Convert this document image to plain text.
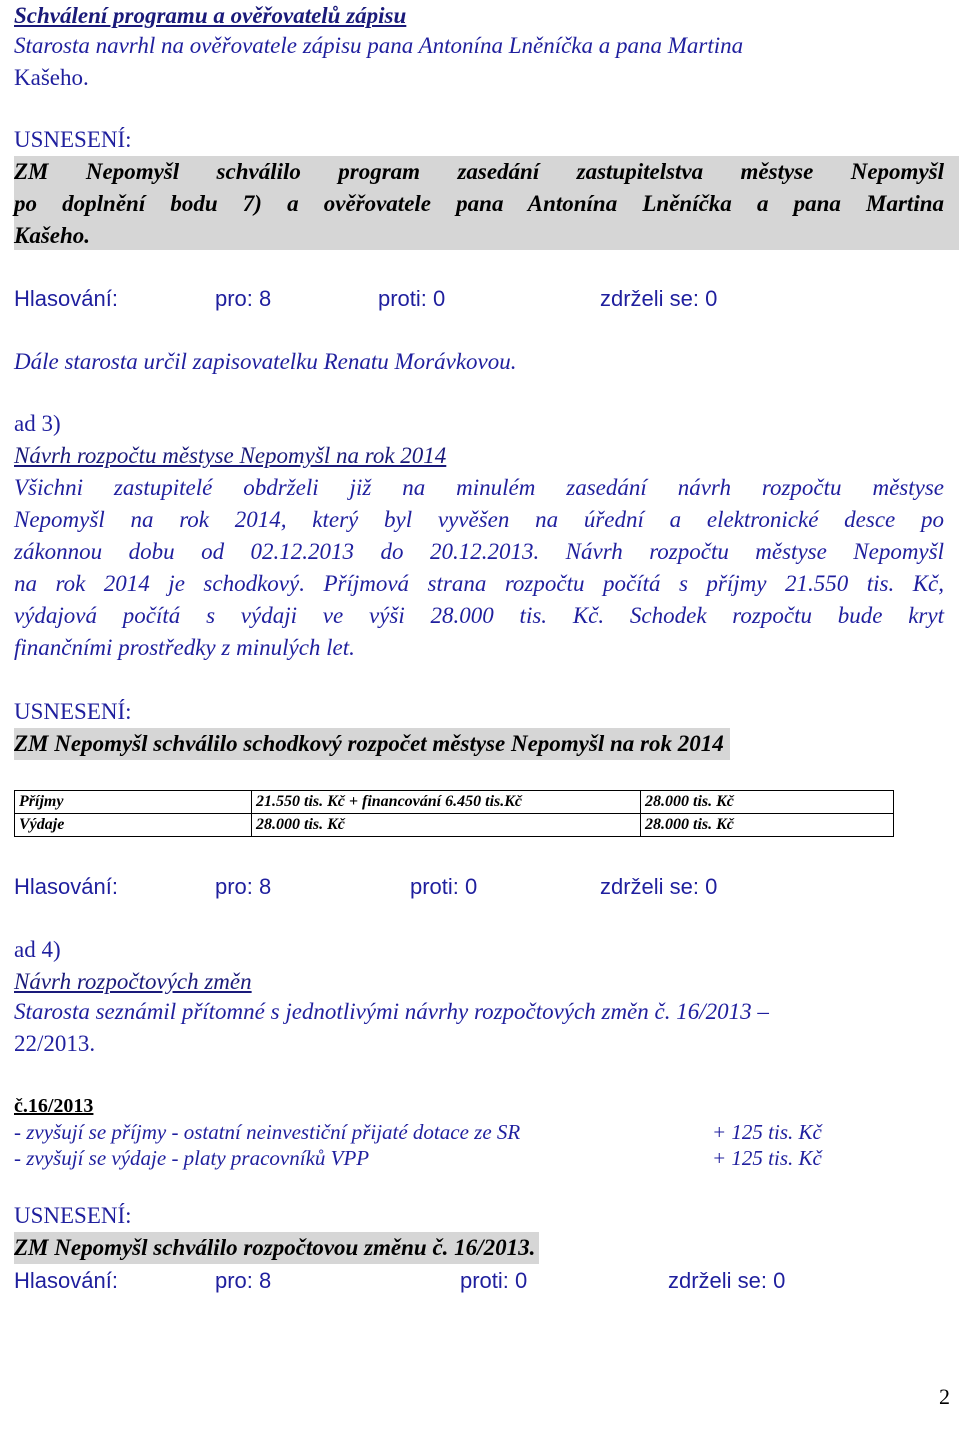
Schválení programu a ověřovatelů zápisu

Starosta navrhl na ověřovatele zápisu pana Antonína Lněníčka a pana Martina

Kašeho.

USNESENÍ:

ZM Nepomyšl schválilo program zasedání zastupitelstva městyse Nepomyšl
po doplnění bodu 7) a ověřovatele pana Antonína Lněníčka a pana Martina
Kašeho.
Hlasování:	pro: 8	proti: 0	zdrželi se: 0

Dále starosta určil zapisovatelku Renatu Morávkovou.

ad 3)

Návrh rozpočtu městyse Nepomyšl na rok 2014

Všichni zastupitelé obdrželi již na minulém zasedání návrh rozpočtu městyse
Nepomyšl na rok 2014, který byl vyvěšen na úřední a elektronické desce po
zákonnou dobu od 02.12.2013 do 20.12.2013. Návrh rozpočtu městyse Nepomyšl
na rok 2014 je schodkový. Příjmová strana rozpočtu počítá s příjmy 21.550 tis. Kč,
výdajová počítá s výdaji ve výši 28.000 tis. Kč. Schodek rozpočtu bude kryt
finančními prostředky z minulých let.

USNESENÍ:

ZM Nepomyšl schválilo schodkový rozpočet městyse Nepomyšl na rok 2014

Příjmy	21.550 tis. Kč + financování 6.450 tis.Kč	28.000 tis. Kč
Výdaje	28.000 tis. Kč	28.000 tis. Kč
Hlasování:	pro: 8	proti: 0	zdrželi se: 0

ad 4)

Návrh rozpočtových změn

Starosta seznámil přítomné s jednotlivými návrhy rozpočtových změn č. 16/2013 –

22/2013.

č.16/2013

- zvyšují se příjmy - ostatní neinvestiční přijaté dotace ze SR	+ 125 tis. Kč
- zvyšují se výdaje - platy pracovníků VPP	+ 125 tis. Kč

USNESENÍ:

ZM Nepomyšl schválilo rozpočtovou změnu č. 16/2013.

Hlasování:	pro: 8	proti: 0	zdrželi se: 0
2
